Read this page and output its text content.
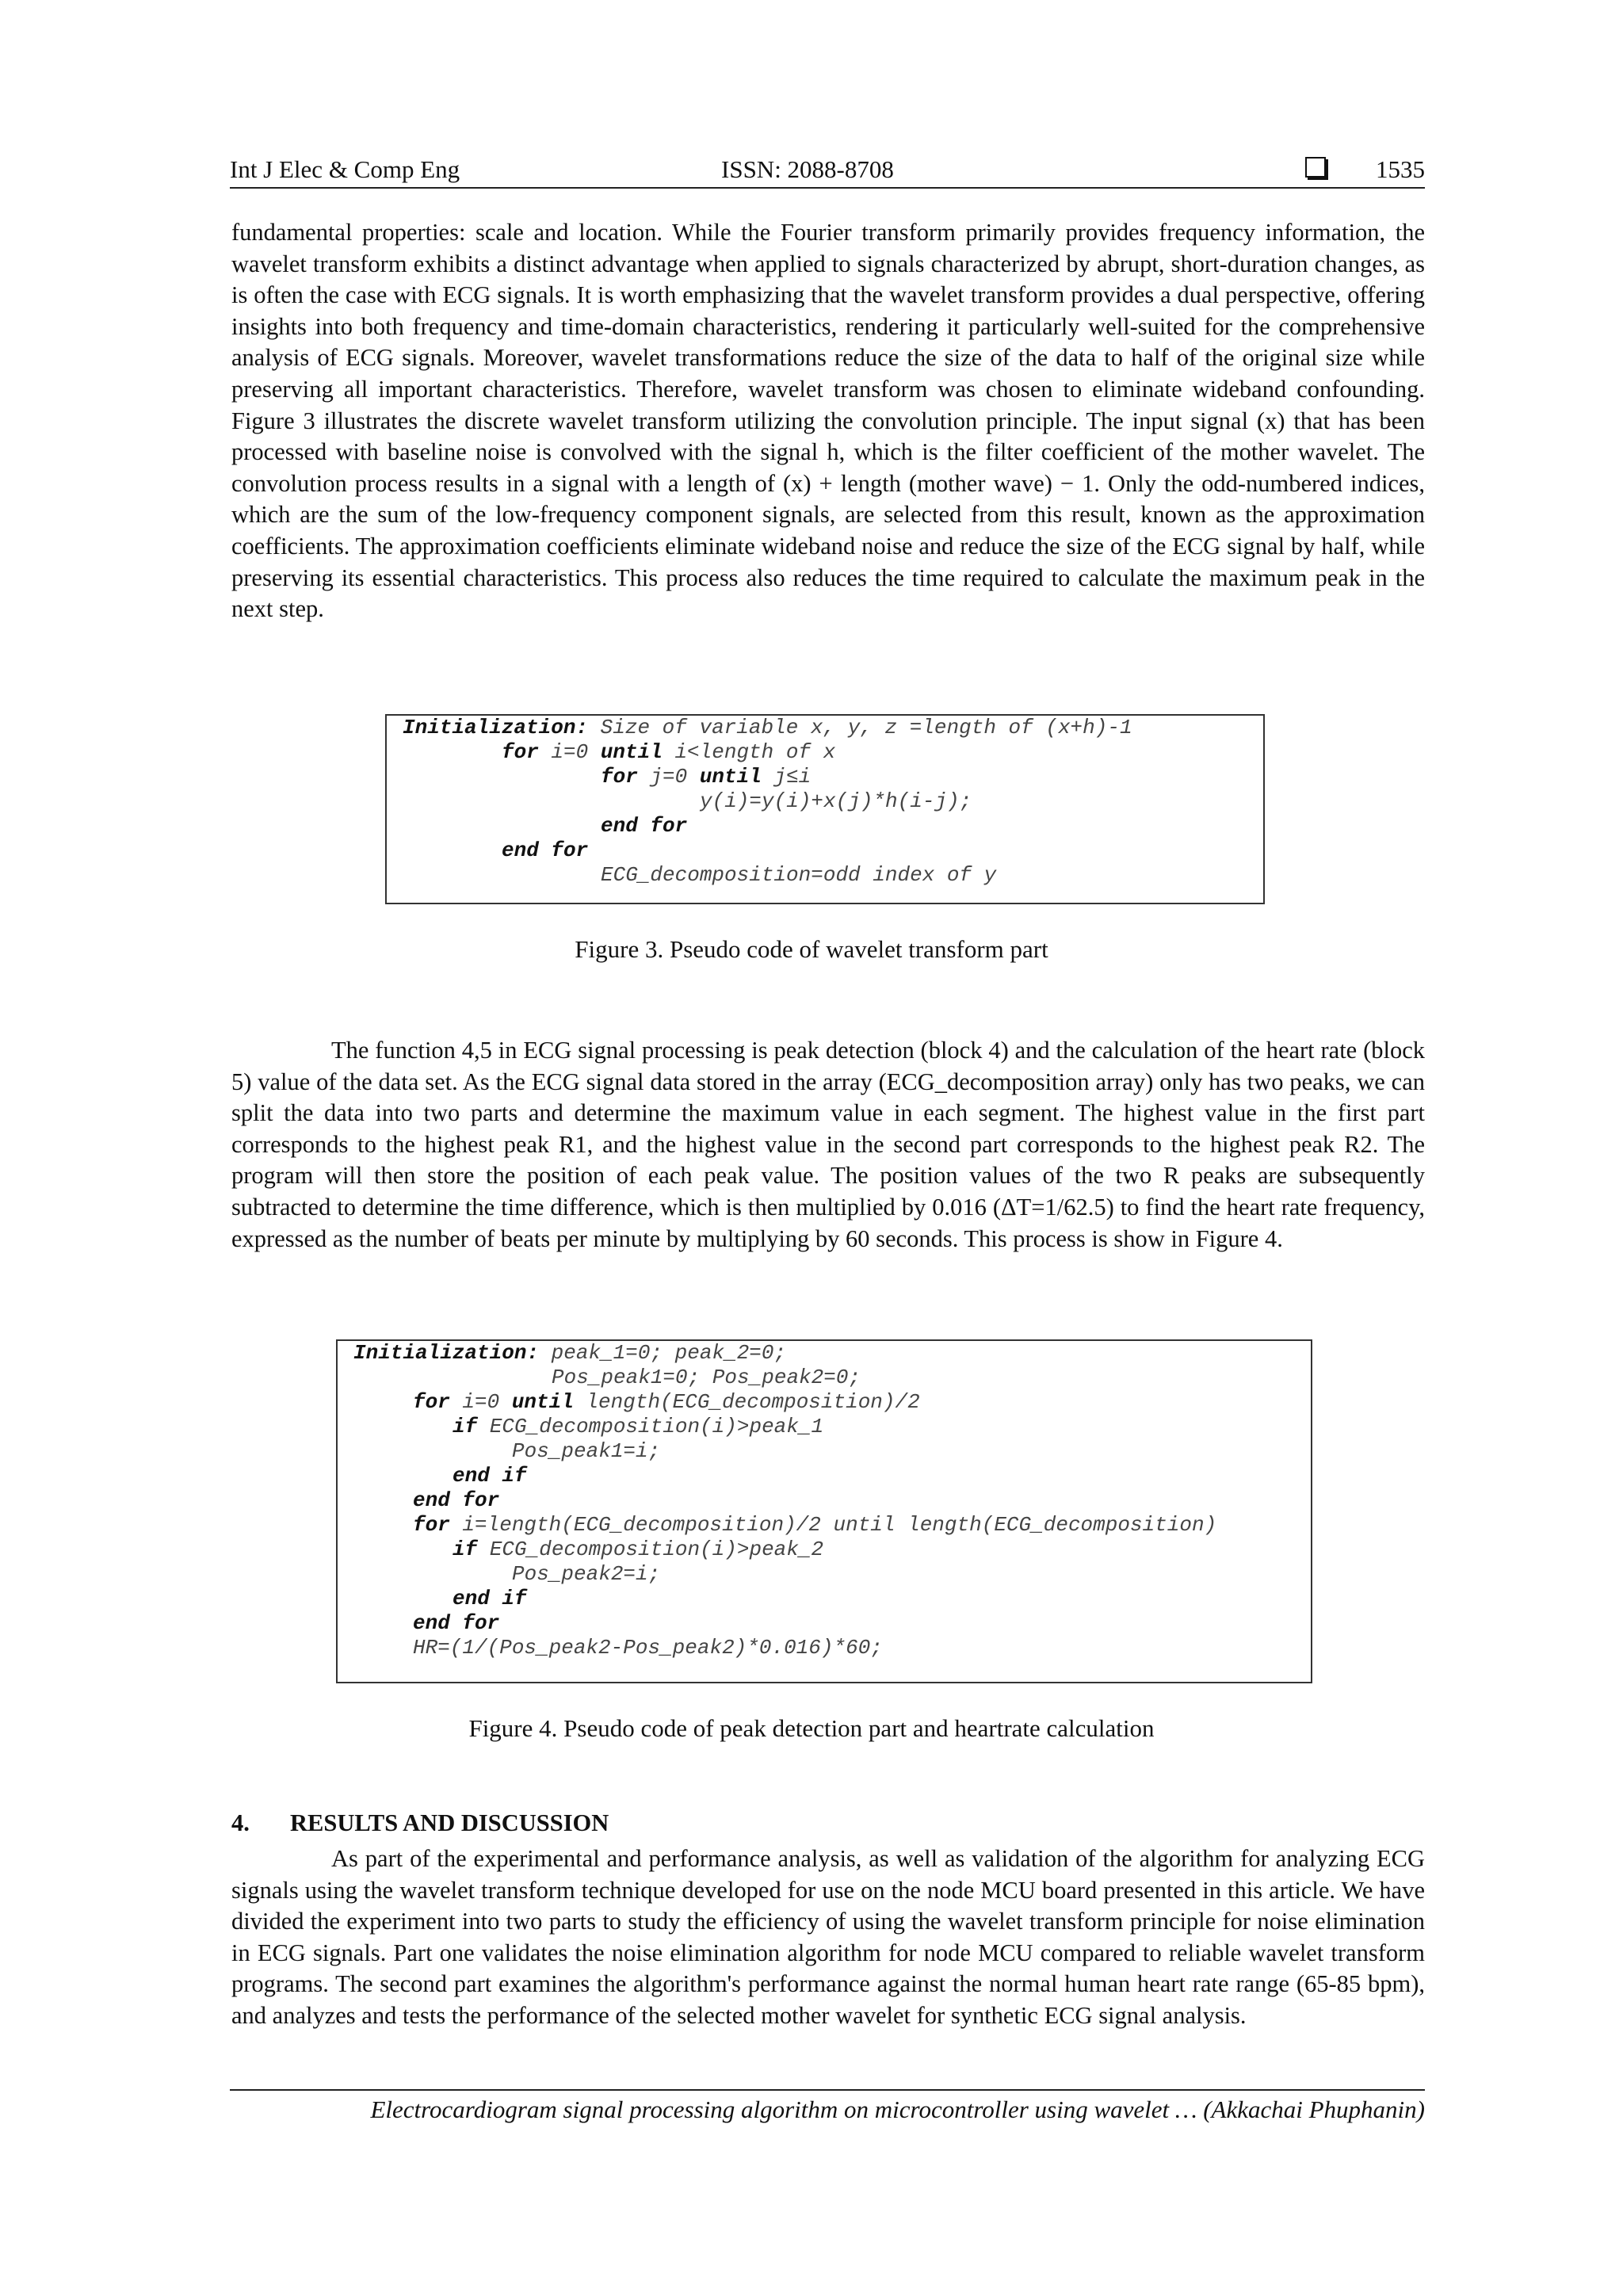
Int J Elec & Comp Eng	ISSN: 2088-8708	1535
fundamental properties: scale and location. While the Fourier transform primarily provides frequency information, the wavelet transform exhibits a distinct advantage when applied to signals characterized by abrupt, short-duration changes, as is often the case with ECG signals. It is worth emphasizing that the wavelet transform provides a dual perspective, offering insights into both frequency and time-domain characteristics, rendering it particularly well-suited for the comprehensive analysis of ECG signals. Moreover, wavelet transformations reduce the size of the data to half of the original size while preserving all important characteristics. Therefore, wavelet transform was chosen to eliminate wideband confounding. Figure 3 illustrates the discrete wavelet transform utilizing the convolution principle. The input signal (x) that has been processed with baseline noise is convolved with the signal h, which is the filter coefficient of the mother wavelet. The convolution process results in a signal with a length of (x) + length (mother wave) − 1. Only the odd-numbered indices, which are the sum of the low-frequency component signals, are selected from this result, known as the approximation coefficients. The approximation coefficients eliminate wideband noise and reduce the size of the ECG signal by half, while preserving its essential characteristics. This process also reduces the time required to calculate the maximum peak in the next step.
Initialization: Size of variable x, y, z =length of (x+h)-1
for i=0 until i<length of x
for j=0 until j≤i
y(i)=y(i)+x(j)*h(i-j);
end for
end for
ECG_decomposition=odd index of y
Figure 3. Pseudo code of wavelet transform part
The function 4,5 in ECG signal processing is peak detection (block 4) and the calculation of the heart rate (block 5) value of the data set. As the ECG signal data stored in the array (ECG_decomposition array) only has two peaks, we can split the data into two parts and determine the maximum value in each segment. The highest value in the first part corresponds to the highest peak R1, and the highest value in the second part corresponds to the highest peak R2. The program will then store the position of each peak value. The position values of the two R peaks are subsequently subtracted to determine the time difference, which is then multiplied by 0.016 (ΔT=1/62.5) to find the heart rate frequency, expressed as the number of beats per minute by multiplying by 60 seconds. This process is show in Figure 4.
Initialization: peak_1=0; peak_2=0;
Pos_peak1=0; Pos_peak2=0;
for i=0 until length(ECG_decomposition)/2
if ECG_decomposition(i)>peak_1
Pos_peak1=i;
end if
end for
for i=length(ECG_decomposition)/2 until length(ECG_decomposition)
if ECG_decomposition(i)>peak_2
Pos_peak2=i;
end if
end for
HR=(1/(Pos_peak2-Pos_peak2)*0.016)*60;
Figure 4. Pseudo code of peak detection part and heartrate calculation
4. RESULTS AND DISCUSSION
As part of the experimental and performance analysis, as well as validation of the algorithm for analyzing ECG signals using the wavelet transform technique developed for use on the node MCU board presented in this article. We have divided the experiment into two parts to study the efficiency of using the wavelet transform principle for noise elimination in ECG signals. Part one validates the noise elimination algorithm for node MCU compared to reliable wavelet transform programs. The second part examines the algorithm's performance against the normal human heart rate range (65-85 bpm), and analyzes and tests the performance of the selected mother wavelet for synthetic ECG signal analysis.
Electrocardiogram signal processing algorithm on microcontroller using wavelet … (Akkachai Phuphanin)
